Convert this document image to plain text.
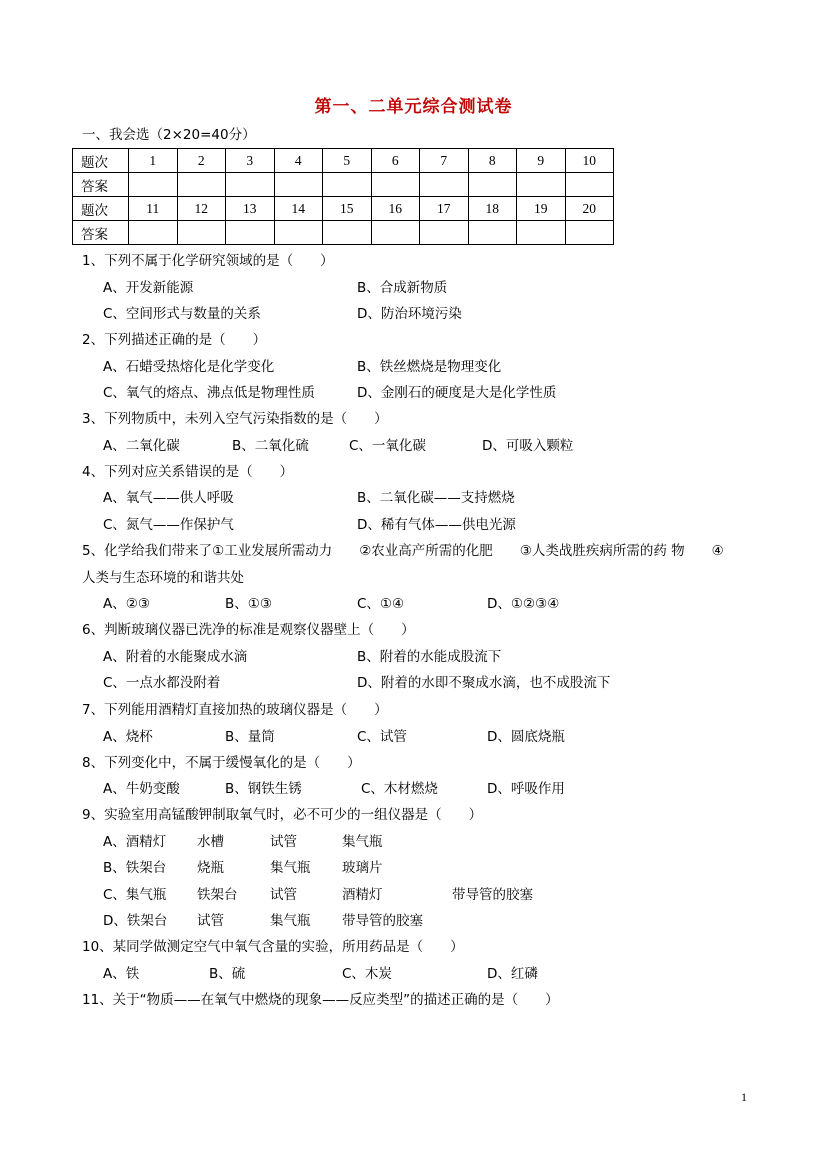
第一、二单元综合测试卷
一、我会选（2×20=40分）
题次	1	2	3	4	5	6	7	8	9	10
答案										
题次	11	12	13	14	15	16	17	18	19	20
答案										
1、下列不属于化学研究领域的是（　　）
A、开发新能源	B、合成新物质
C、空间形式与数量的关系	D、防治环境污染
2、下列描述正确的是（　　）
A、石蜡受热熔化是化学变化	B、铁丝燃烧是物理变化
C、氧气的熔点、沸点低是物理性质	D、金刚石的硬度是大是化学性质
3、下列物质中，未列入空气污染指数的是（　　）
A、二氧化碳	B、二氧化硫	C、一氧化碳	D、可吸入颗粒
4、下列对应关系错误的是（　　）
A、氧气——供人呼吸	B、二氧化碳——支持燃烧
C、氮气——作保护气	D、稀有气体——供电光源
5、化学给我们带来了①工业发展所需动力　　②农业高产所需的化肥　　③人类战胜疾病所需的药 物　　④
人类与生态环境的和谐共处
A、②③	B、①③	C、①④	D、①②③④
6、判断玻璃仪器已洗净的标准是观察仪器壁上（　　）
A、附着的水能聚成水滴	B、附着的水能成股流下
C、一点水都没附着	D、附着的水即不聚成水滴，也不成股流下
7、下列能用酒精灯直接加热的玻璃仪器是（　　）
A、烧杯	B、量筒	C、试管	D、圆底烧瓶
8、下列变化中，不属于缓慢氧化的是（　　）
A、牛奶变酸	B、钢铁生锈	C、木材燃烧	D、呼吸作用
9、实验室用高锰酸钾制取氧气时，必不可少的一组仪器是（　　）
A、酒精灯 水槽	试管	集气瓶
B、铁架台 烧瓶	集气瓶 玻璃片
C、集气瓶 铁架台 试管	酒精灯	带导管的胶塞
D、铁架台 试管	集气瓶 带导管的胶塞
10、某同学做测定空气中氧气含量的实验，所用药品是（　　）
A、铁	B、硫	C、木炭	D、红磷
11、关于“物质——在氧气中燃烧的现象——反应类型”的描述正确的是（　　）
1
